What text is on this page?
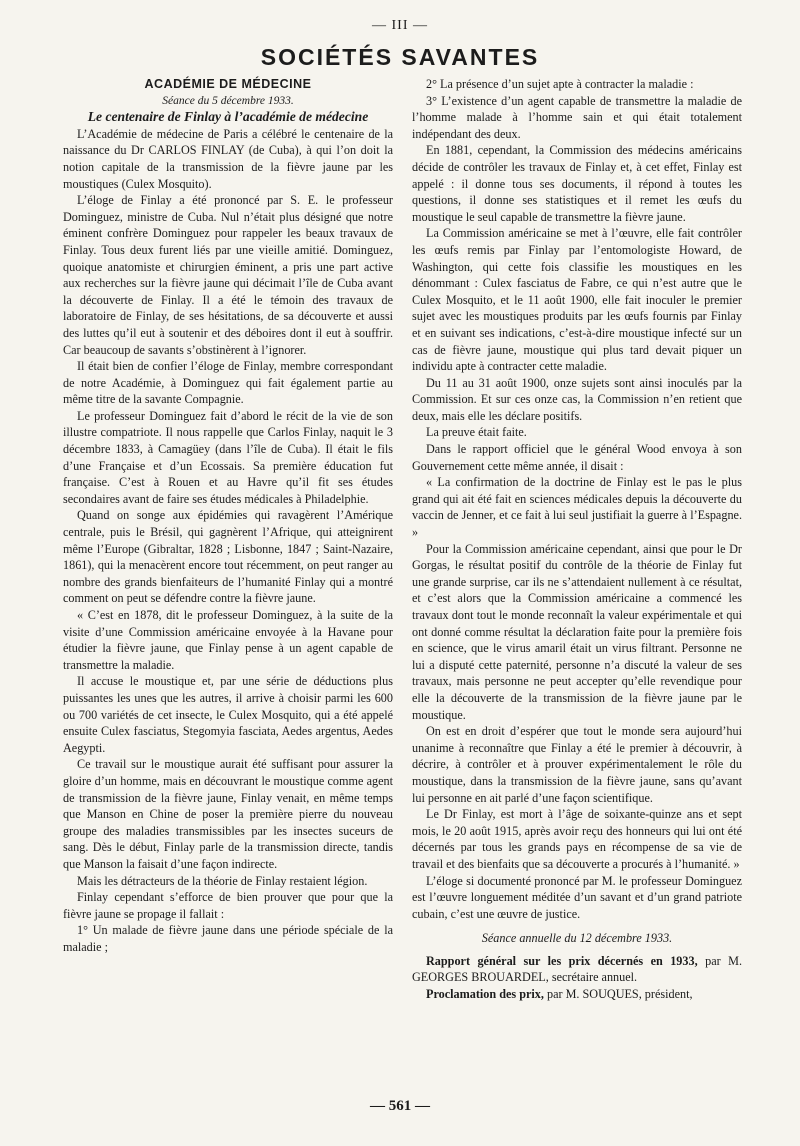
— III —
SOCIÉTÉS SAVANTES

ACADÉMIE DE MÉDECINE

Séance du 5 décembre 1933.

Le centenaire de Finlay à l’académie de médecine

L’Académie de médecine de Paris a célébré le centenaire de la naissance du Dr CARLOS FINLAY (de Cuba), à qui l’on doit la notion capitale de la transmission de la fièvre jaune par les moustiques (Culex Mosquito).

L’éloge de Finlay a été prononcé par S. E. le professeur Dominguez, ministre de Cuba. Nul n’était plus désigné que notre éminent confrère Dominguez pour rappeler les beaux travaux de Finlay. Tous deux furent liés par une vieille amitié. Dominguez, quoique anatomiste et chirurgien éminent, a pris une part active aux recherches sur la fièvre jaune qui décimait l’île de Cuba avant la découverte de Finlay. Il a été le témoin des travaux de laboratoire de Finlay, de ses hésitations, de sa découverte et aussi des luttes qu’il eut à soutenir et des déboires dont il eut à souffrir. Car beaucoup de savants s’obstinèrent à l’ignorer.

Il était bien de confier l’éloge de Finlay, membre correspondant de notre Académie, à Dominguez qui fait également partie au même titre de la savante Compagnie.

Le professeur Dominguez fait d’abord le récit de la vie de son illustre compatriote. Il nous rappelle que Carlos Finlay, naquit le 3 décembre 1833, à Camagüey (dans l’île de Cuba). Il était le fils d’une Française et d’un Ecossais. Sa première éducation fut française. C’est à Rouen et au Havre qu’il fit ses études secondaires avant de faire ses études médicales à Philadelphie.

Quand on songe aux épidémies qui ravagèrent l’Amérique centrale, puis le Brésil, qui gagnèrent l’Afrique, qui atteignirent même l’Europe (Gibraltar, 1828 ; Lisbonne, 1847 ; Saint-Nazaire, 1861), qui la menacèrent encore tout récemment, on peut ranger au nombre des grands bienfaiteurs de l’humanité Finlay qui a montré comment on peut se défendre contre la fièvre jaune.

« C’est en 1878, dit le professeur Dominguez, à la suite de la visite d’une Commission américaine envoyée à la Havane pour étudier la fièvre jaune, que Finlay pense à un agent capable de transmettre la maladie.

Il accuse le moustique et, par une série de déductions plus puissantes les unes que les autres, il arrive à choisir parmi les 600 ou 700 variétés de cet insecte, le Culex Mosquito, qui a été appelé ensuite Culex fasciatus, Stegomyia fasciata, Aedes argentus, Aedes Aegypti.

Ce travail sur le moustique aurait été suffisant pour assurer la gloire d’un homme, mais en découvrant le moustique comme agent de transmission de la fièvre jaune, Finlay venait, en même temps que Manson en Chine de poser la première pierre du nouveau groupe des maladies transmissibles par les insectes suceurs de sang. Dès le début, Finlay parle de la transmission directe, tandis que Manson la faisait d’une façon indirecte.

Mais les détracteurs de la théorie de Finlay restaient légion.

Finlay cependant s’efforce de bien prouver que pour que la fièvre jaune se propage il fallait :

1° Un malade de fièvre jaune dans une période spéciale de la maladie ;

2° La présence d’un sujet apte à contracter la maladie :

3° L’existence d’un agent capable de transmettre la maladie de l’homme malade à l’homme sain et qui était totalement indépendant des deux.

En 1881, cependant, la Commission des médecins américains décide de contrôler les travaux de Finlay et, à cet effet, Finlay est appelé : il donne tous ses documents, il répond à toutes les questions, il donne ses statistiques et il remet les œufs du moustique le seul capable de transmettre la fièvre jaune.

La Commission américaine se met à l’œuvre, elle fait contrôler les œufs remis par Finlay par l’entomologiste Howard, de Washington, qui cette fois classifie les moustiques en les dénommant : Culex fasciatus de Fabre, ce qui n’est autre que le Culex Mosquito, et le 11 août 1900, elle fait inoculer le premier sujet avec les moustiques produits par les œufs fournis par Finlay et en suivant ses indications, c’est-à-dire moustique infecté sur un cas de fièvre jaune, moustique qui plus tard devait piquer un individu apte à contracter cette maladie.

Du 11 au 31 août 1900, onze sujets sont ainsi inoculés par la Commission. Et sur ces onze cas, la Commission n’en retient que deux, mais elle les déclare positifs.

La preuve était faite.

Dans le rapport officiel que le général Wood envoya à son Gouvernement cette même année, il disait :

« La confirmation de la doctrine de Finlay est le pas le plus grand qui ait été fait en sciences médicales depuis la découverte du vaccin de Jenner, et ce fait à lui seul justifiait la guerre à l’Espagne. »

Pour la Commission américaine cependant, ainsi que pour le Dr Gorgas, le résultat positif du contrôle de la théorie de Finlay fut une grande surprise, car ils ne s’attendaient nullement à ce résultat, et c’est alors que la Commission américaine a commencé les travaux dont tout le monde reconnaît la valeur expérimentale et qui ont donné comme résultat la déclaration faite pour la première fois en science, que le virus amaril était un virus filtrant. Personne ne lui a disputé cette paternité, personne n’a discuté la valeur de ses travaux, mais personne ne peut accepter qu’elle revendique pour elle la découverte de la transmission de la fièvre jaune par le moustique.

On est en droit d’espérer que tout le monde sera aujourd’hui unanime à reconnaître que Finlay a été le premier à découvrir, à décrire, à contrôler et à prouver expérimentalement le rôle du moustique, dans la transmission de la fièvre jaune, sans qu’avant lui personne en ait parlé d’une façon scientifique.

Le Dr Finlay, est mort à l’âge de soixante-quinze ans et sept mois, le 20 août 1915, après avoir reçu des honneurs qui lui ont été décernés par tous les grands pays en récompense de sa vie de travail et des bienfaits que sa découverte a procurés à l’humanité. »

L’éloge si documenté prononcé par M. le professeur Dominguez est l’œuvre longuement méditée d’un savant et d’un grand patriote cubain, c’est une œuvre de justice.

Séance annuelle du 12 décembre 1933.

Rapport général sur les prix décernés en 1933, par M. GEORGES BROUARDEL, secrétaire annuel.

Proclamation des prix, par M. SOUQUES, président,

— 561 —
